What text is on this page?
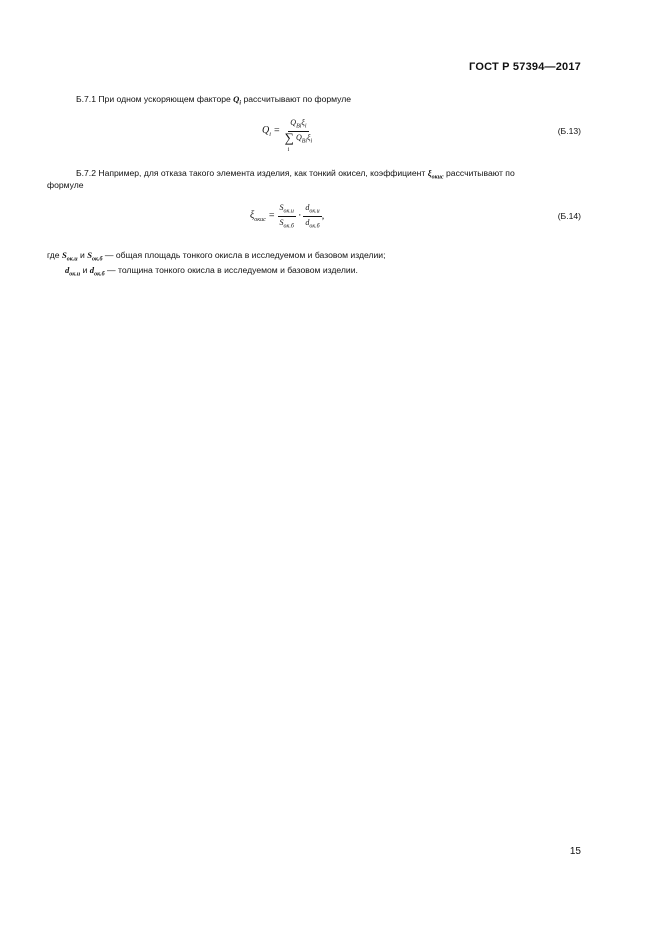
ГОСТ Р 57394—2017
Б.7.1 При одном ускоряющем факторе $Q_i$ рассчитывают по формуле
$Q_i = Q_{Bi}\xi_i$
∑
i
$Q_{Bi}\xi_i$	(Б.13)
Б.7.2 Например, для отказа такого элемента изделия, как тонкий окисел, коэффициент $\xi_{окис}$ рассчитывают по
формуле
$\xi_{окис} = \frac{S_{ок.и}}{S_{ок.б}} \cdot \frac{d_{ок.и}}{d_{ок.б}}$ ,	(Б.14)
где $S_{ок.и}$ и $S_{ок.б}$ — общая площадь тонкого окисла в исследуемом и базовом изделии;
$d_{ок.и}$ и $d_{ок.б}$ — толщина тонкого окисла в исследуемом и базовом изделии.
15
